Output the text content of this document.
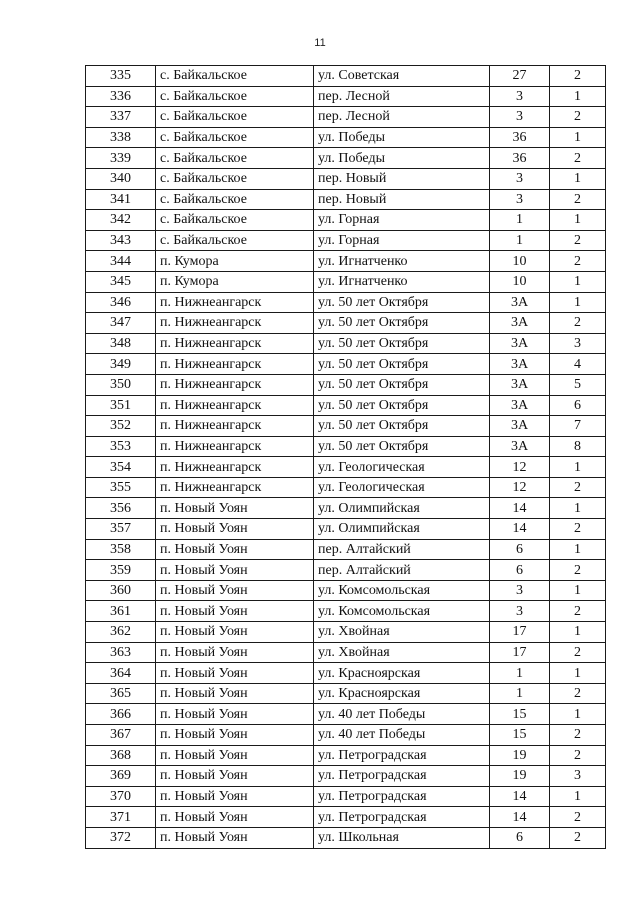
11
335	с. Байкальское	ул. Советская	27	2
336	с. Байкальское	пер. Лесной	3	1
337	с. Байкальское	пер. Лесной	3	2
338	с. Байкальское	ул. Победы	36	1
339	с. Байкальское	ул. Победы	36	2
340	с. Байкальское	пер. Новый	3	1
341	с. Байкальское	пер. Новый	3	2
342	с. Байкальское	ул. Горная	1	1
343	с. Байкальское	ул. Горная	1	2
344	п. Кумора	ул. Игнатченко	10	2
345	п. Кумора	ул. Игнатченко	10	1
346	п. Нижнеангарск	ул. 50 лет Октября	3А	1
347	п. Нижнеангарск	ул. 50 лет Октября	3А	2
348	п. Нижнеангарск	ул. 50 лет Октября	3А	3
349	п. Нижнеангарск	ул. 50 лет Октября	3А	4
350	п. Нижнеангарск	ул. 50 лет Октября	3А	5
351	п. Нижнеангарск	ул. 50 лет Октября	3А	6
352	п. Нижнеангарск	ул. 50 лет Октября	3А	7
353	п. Нижнеангарск	ул. 50 лет Октября	3А	8
354	п. Нижнеангарск	ул. Геологическая	12	1
355	п. Нижнеангарск	ул. Геологическая	12	2
356	п. Новый Уоян	ул. Олимпийская	14	1
357	п. Новый Уоян	ул. Олимпийская	14	2
358	п. Новый Уоян	пер. Алтайский	6	1
359	п. Новый Уоян	пер. Алтайский	6	2
360	п. Новый Уоян	ул. Комсомольская	3	1
361	п. Новый Уоян	ул. Комсомольская	3	2
362	п. Новый Уоян	ул. Хвойная	17	1
363	п. Новый Уоян	ул. Хвойная	17	2
364	п. Новый Уоян	ул. Красноярская	1	1
365	п. Новый Уоян	ул. Красноярская	1	2
366	п. Новый Уоян	ул. 40 лет Победы	15	1
367	п. Новый Уоян	ул. 40 лет Победы	15	2
368	п. Новый Уоян	ул. Петроградская	19	2
369	п. Новый Уоян	ул. Петроградская	19	3
370	п. Новый Уоян	ул. Петроградская	14	1
371	п. Новый Уоян	ул. Петроградская	14	2
372	п. Новый Уоян	ул. Школьная	6	2
